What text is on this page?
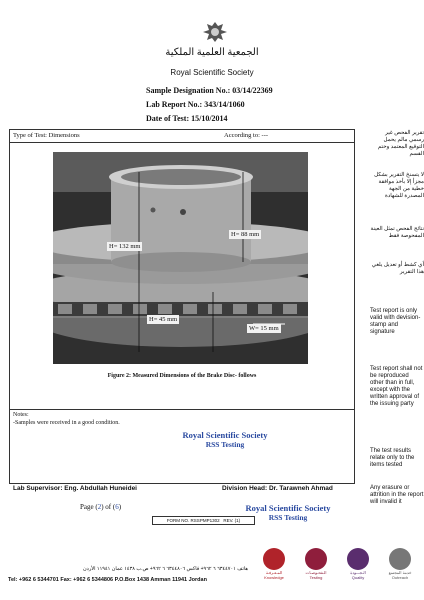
الجمعية العلمية الملكية
Royal Scientific Society
Sample Designation No.: 03/14/22369
Lab Report No.: 343/14/1060
Date of Test: 15/10/2014
Type of Test: Dimensions	According to: ---
H= 132 mm
H= 88 mm
H= 45 mm
W= 15 mm
Figure 2: Measured Dimensions of the Brake Disc- follows
Notes:
-Samples were received in a good condition.
Royal Scientific Society
RSS Testing
تقرير الفحص غير رسمي مالم يحمل التوقيع المعتمد وختم القسم
لا يتسنخ التقرير بشكل مجزأ إلا بأخذ موافقة خطية من الجهة المصدرة للشهادة
نتائج الفحص تمثل العينة المفحوصة فقط
أي كشط أو تعديل يلغي هذا التقرير
Test report is only valid with devision-stamp and signature
Test report shall not be reproduced other than in full, except with the written approval of the issuing party
The test results relate only to the items tested
Any erasure or attrition in the report will invalid it
Lab Supervisor: Eng. Abdullah Huneidei	Division Head: Dr. Tarawneh Ahmad
Page (2) of (6)	Royal Scientific Society
RSS Testing
FORM NO. RSSPMP1302 REV. (1)
هاتف ٦٣٤٤٧٠١ ٦ ٩٦٢+ فاكس ٦٣٤٤٨٠٦ ٦ ٩٦٢+ ص.ب ١٤٣٨ عمان ١١٩٤١ الأردن
Tel: +962 6 5344701 Fax: +962 6 5344806 P.O.Box 1438 Amman 11941 Jordan
المـعـرفـة
Knowledge
الـفحـوصـات
Testing
الـجـــودة
Quality
خدمة المجتمع
Outreach
